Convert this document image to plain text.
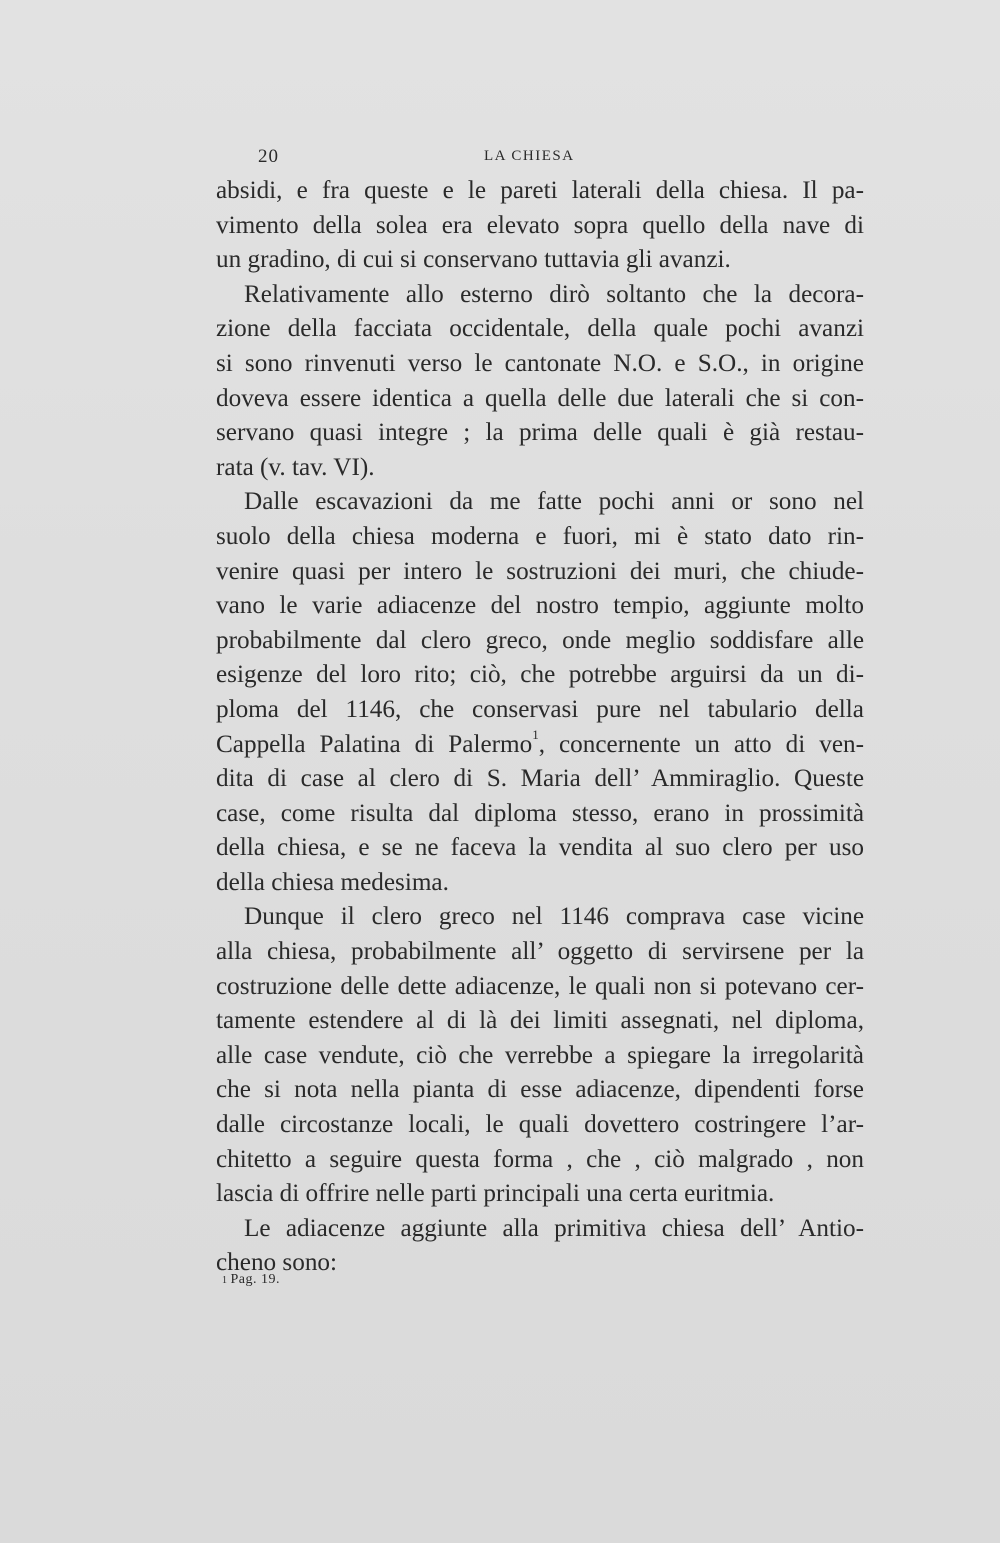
20	LA CHIESA
absidi, e fra queste e le pareti laterali della chiesa. Il pa-
vimento della solea era elevato sopra quello della nave di
un gradino, di cui si conservano tuttavia gli avanzi.
Relativamente allo esterno dirò soltanto che la decora-
zione della facciata occidentale, della quale pochi avanzi
si sono rinvenuti verso le cantonate N.O. e S.O., in origine
doveva essere identica a quella delle due laterali che si con-
servano quasi integre ; la prima delle quali è già restau-
rata (v. tav. VI).
Dalle escavazioni da me fatte pochi anni or sono nel
suolo della chiesa moderna e fuori, mi è stato dato rin-
venire quasi per intero le sostruzioni dei muri, che chiude-
vano le varie adiacenze del nostro tempio, aggiunte molto
probabilmente dal clero greco, onde meglio soddisfare alle
esigenze del loro rito; ciò, che potrebbe arguirsi da un di-
ploma del 1146, che conservasi pure nel tabulario della
Cappella Palatina di Palermo$^1$, concernente un atto di ven-
dita di case al clero di S. Maria dell’ Ammiraglio. Queste
case, come risulta dal diploma stesso, erano in prossimità
della chiesa, e se ne faceva la vendita al suo clero per uso
della chiesa medesima.
Dunque il clero greco nel 1146 comprava case vicine
alla chiesa, probabilmente all’ oggetto di servirsene per la
costruzione delle dette adiacenze, le quali non si potevano cer-
tamente estendere al di là dei limiti assegnati, nel diploma,
alle case vendute, ciò che verrebbe a spiegare la irregolarità
che si nota nella pianta di esse adiacenze, dipendenti forse
dalle circostanze locali, le quali dovettero costringere l’ar-
chitetto a seguire questa forma , che , ciò malgrado , non
lascia di offrire nelle parti principali una certa euritmia.
Le adiacenze aggiunte alla primitiva chiesa dell’ Antio-
cheno sono:
1 Pag. 19.
